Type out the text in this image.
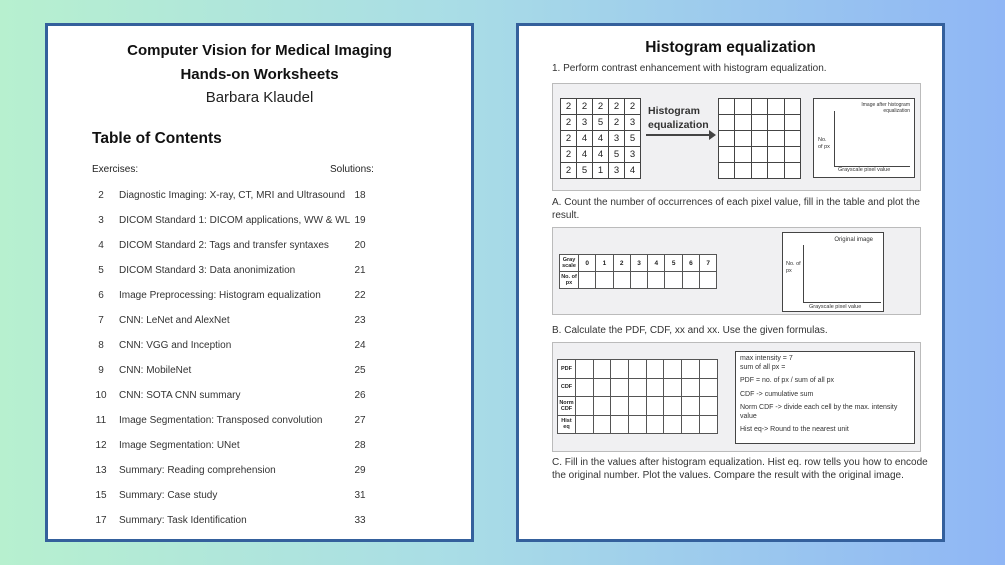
Computer Vision for Medical Imaging
Hands-on Worksheets
Barbara Klaudel
Table of Contents
Exercises:	Solutions:
2	Diagnostic Imaging: X-ray, CT, MRI and Ultrasound 18
3	DICOM Standard 1: DICOM applications, WW & WL 19
4	DICOM Standard 2: Tags and transfer syntaxes	20
5	DICOM Standard 3: Data anonimization	21
6	Image Preprocessing: Histogram equalization	22
7	CNN: LeNet and AlexNet	23
8	CNN: VGG and Inception	24
9	CNN: MobileNet	25
10 CNN: SOTA CNN summary	26
11 Image Segmentation: Transposed convolution	27
12 Image Segmentation: UNet	28
13 Summary: Reading comprehension	29
15 Summary: Case study	31
17 Summary: Task Identification	33
Histogram equalization
1. Perform contrast enhancement with histogram equalization.
2	2	2	2	2
2	3	5	2	3
2	4	4	3	5
2	4	4	5	3
2	5	1	3	4
Histogram
equalization

Image after histogram equalization
No. of px
Grayscale pixel value
A. Count the number of occurrences of each pixel value, fill in the table and plot the result.
Gray scale	0	1	2	3	4	5	6	7
No. of px								
Original image
No. of px
Grayscale pixel value
B. Calculate the PDF, CDF, xx and xx. Use the given formulas.
PDF								
CDF								
Norm CDF								
Hist eq								
max intensity = 7
sum of all px =
PDF = no. of px / sum of all px
CDF -> cumulative sum
Norm CDF -> divide each cell by the max. intensity value
Hist eq-> Round to the nearest unit
C. Fill in the values after histogram equalization. Hist eq. row tells you how to encode the original number. Plot the values. Compare the result with the original image.
